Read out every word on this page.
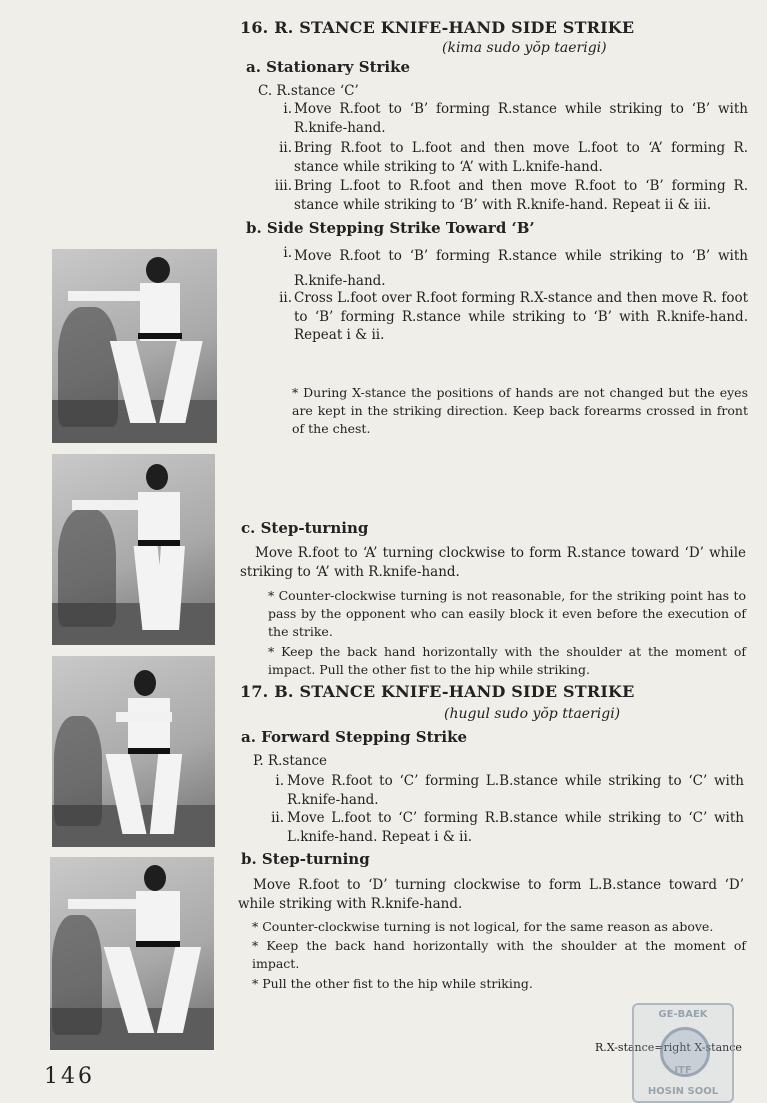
16. R. STANCE KNIFE-HAND SIDE STRIKE
(kima sudo yŏp taerigi)
a. Stationary Strike
C. R.stance ‘C’
i. Move R.foot to ‘B’ forming R.stance while striking to ‘B’ with R.knife-hand.
ii. Bring R.foot to L.foot and then move L.foot to ‘A’ forming R. stance while striking to ‘A’ with L.knife-hand.
iii. Bring L.foot to R.foot and then move R.foot to ‘B’ forming R. stance while striking to ‘B’ with R.knife-hand. Repeat ii & iii.
b. Side Stepping Strike Toward ‘B’
i. Move R.foot to ‘B’ forming R.stance while striking to ‘B’ with R.knife-hand.
ii. Cross L.foot over R.foot forming R.X-stance and then move R. foot to ‘B’ forming R.stance while striking to ‘B’ with R.knife-hand. Repeat i & ii.
* During X-stance the positions of hands are not changed but the eyes are kept in the striking direction. Keep back forearms crossed in front of the chest.
c. Step-turning
Move R.foot to ‘A’ turning clockwise to form R.stance toward ‘D’ while striking to ‘A’ with R.knife-hand.
* Counter-clockwise turning is not reasonable, for the striking point has to pass by the opponent who can easily block it even before the execution of the strike.
* Keep the back hand horizontally with the shoulder at the moment of impact. Pull the other fist to the hip while striking.
17. B. STANCE KNIFE-HAND SIDE STRIKE
(hugul sudo yŏp ttaerigi)
a. Forward Stepping Strike
P. R.stance
i. Move R.foot to ‘C’ forming L.B.stance while striking to ‘C’ with R.knife-hand.
ii. Move L.foot to ‘C’ forming R.B.stance while striking to ‘C’ with L.knife-hand. Repeat i & ii.
b. Step-turning
Move R.foot to ‘D’ turning clockwise to form L.B.stance toward ‘D’ while striking with R.knife-hand.
* Counter-clockwise turning is not logical, for the same reason as above.
* Keep the back hand horizontally with the shoulder at the moment of impact.
* Pull the other fist to the hip while striking.
R.X-stance=right X-stance
146
GE-BAEK
ITF
HOSIN SOOL
